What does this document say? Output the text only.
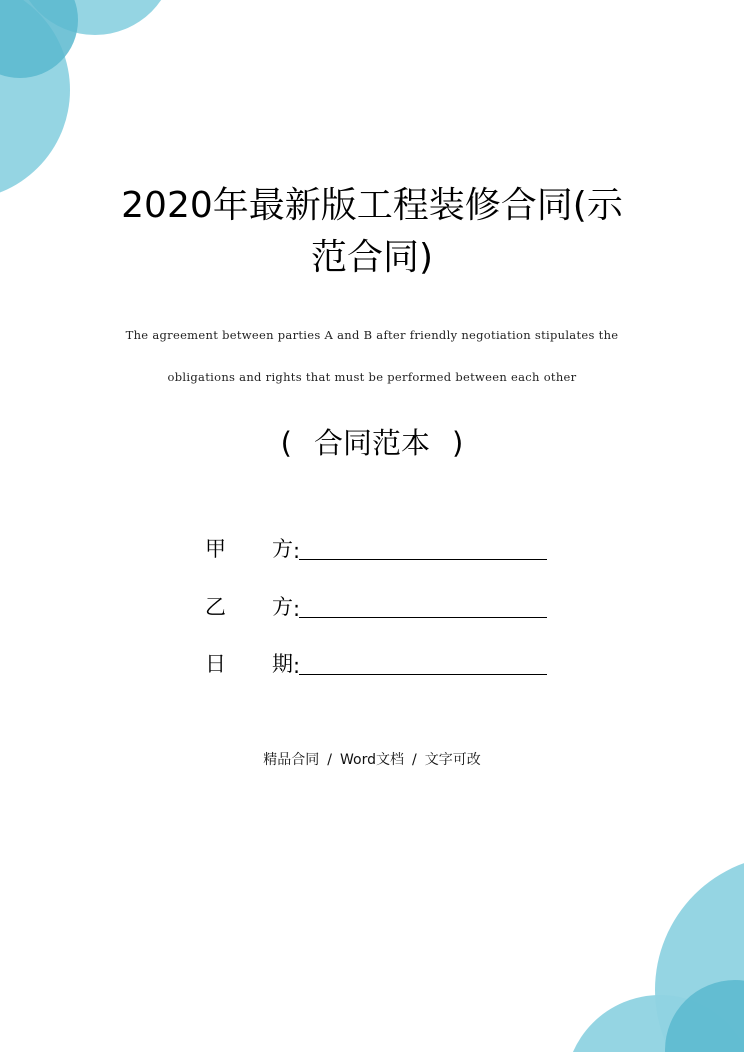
2020年最新版工程装修合同(示
范合同)
The agreement between parties A and B after friendly negotiation stipulates the
obligations and rights that must be performed between each other
( 合同范本 )
甲 方 :
乙 方 :
日 期 :
精品合同 / Word文档 / 文字可改
